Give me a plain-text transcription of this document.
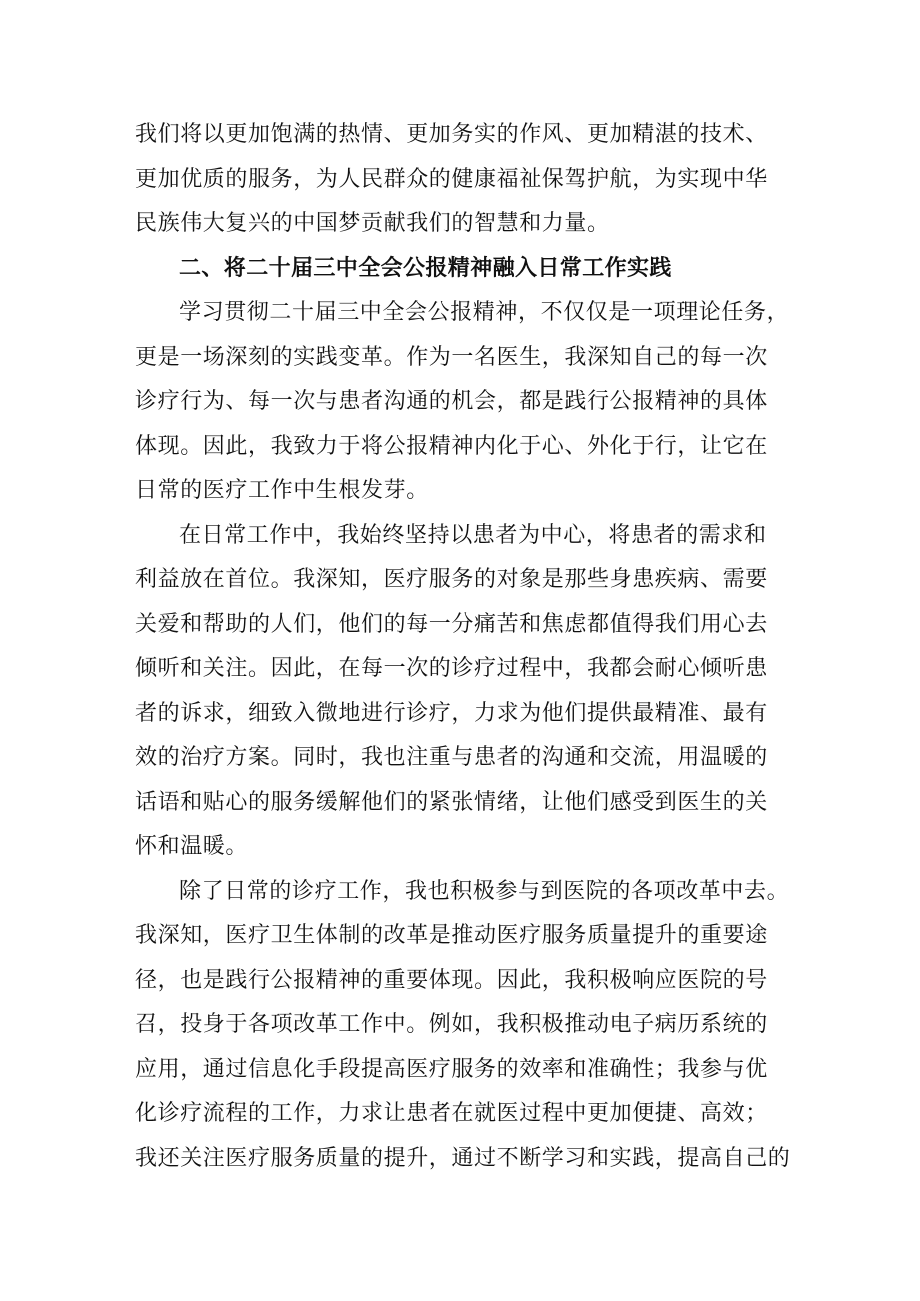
我们将以更加饱满的热情、更加务实的作风、更加精湛的技术、
更加优质的服务，为人民群众的健康福祉保驾护航，为实现中华
民族伟大复兴的中国梦贡献我们的智慧和力量。
二、将二十届三中全会公报精神融入日常工作实践
学习贯彻二十届三中全会公报精神，不仅仅是一项理论任务，
更是一场深刻的实践变革。作为一名医生，我深知自己的每一次
诊疗行为、每一次与患者沟通的机会，都是践行公报精神的具体
体现。因此，我致力于将公报精神内化于心、外化于行，让它在
日常的医疗工作中生根发芽。
在日常工作中，我始终坚持以患者为中心，将患者的需求和
利益放在首位。我深知，医疗服务的对象是那些身患疾病、需要
关爱和帮助的人们，他们的每一分痛苦和焦虑都值得我们用心去
倾听和关注。因此，在每一次的诊疗过程中，我都会耐心倾听患
者的诉求，细致入微地进行诊疗，力求为他们提供最精准、最有
效的治疗方案。同时，我也注重与患者的沟通和交流，用温暖的
话语和贴心的服务缓解他们的紧张情绪，让他们感受到医生的关
怀和温暖。
除了日常的诊疗工作，我也积极参与到医院的各项改革中去。
我深知，医疗卫生体制的改革是推动医疗服务质量提升的重要途
径，也是践行公报精神的重要体现。因此，我积极响应医院的号
召，投身于各项改革工作中。例如，我积极推动电子病历系统的
应用，通过信息化手段提高医疗服务的效率和准确性；我参与优
化诊疗流程的工作，力求让患者在就医过程中更加便捷、高效；
我还关注医疗服务质量的提升，通过不断学习和实践，提高自己的
